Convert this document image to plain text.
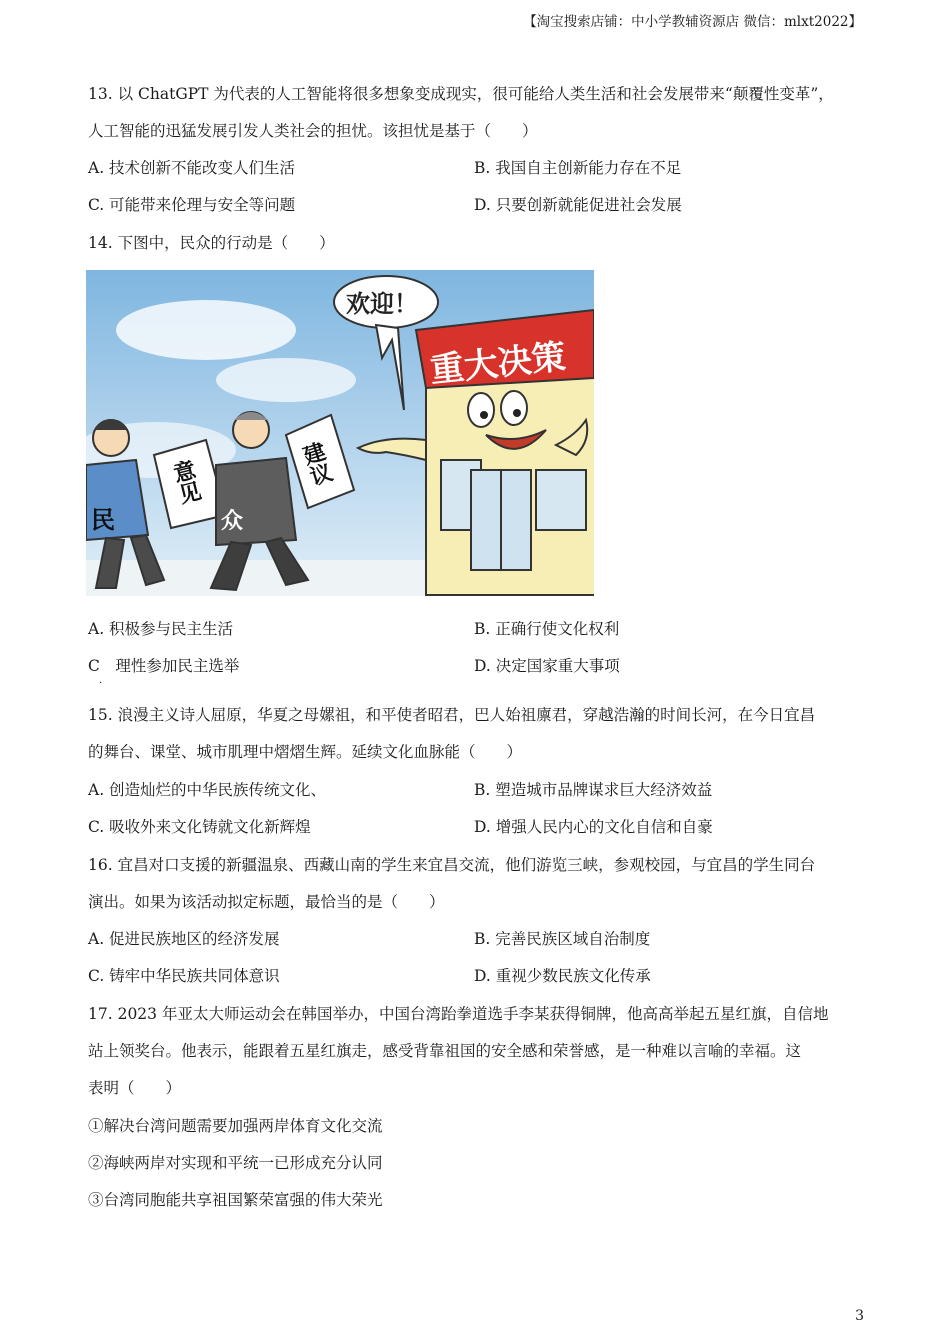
【淘宝搜索店铺：中小学教辅资源店 微信：mlxt2022】
13. 以 ChatGPT 为代表的人工智能将很多想象变成现实，很可能给人类生活和社会发展带来“颠覆性变革”，
人工智能的迅猛发展引发人类社会的担忧。该担忧是基于（　　）
A. 技术创新不能改变人们生活	B. 我国自主创新能力存在不足
C. 可能带来伦理与安全等问题	D. 只要创新就能促进社会发展
14. 下图中，民众的行动是（　　）
重大决策
欢迎！
民
意见
众
建议
A. 积极参与民主生活	B. 正确行使文化权利
C　理性参加民主选举
·
D. 决定国家重大事项
15. 浪漫主义诗人屈原，华夏之母嫘祖，和平使者昭君，巴人始祖廪君，穿越浩瀚的时间长河，在今日宜昌
的舞台、课堂、城市肌理中熠熠生辉。延续文化血脉能（　　）
A. 创造灿烂的中华民族传统文化、	B. 塑造城市品牌谋求巨大经济效益
C. 吸收外来文化铸就文化新辉煌	D. 增强人民内心的文化自信和自豪
16. 宜昌对口支援的新疆温泉、西藏山南的学生来宜昌交流，他们游览三峡，参观校园，与宜昌的学生同台
演出。如果为该活动拟定标题，最恰当的是（　　）
A. 促进民族地区的经济发展	B. 完善民族区域自治制度
C. 铸牢中华民族共同体意识	D. 重视少数民族文化传承
17. 2023 年亚太大师运动会在韩国举办，中国台湾跆拳道选手李某获得铜牌，他高高举起五星红旗，自信地
站上领奖台。他表示，能跟着五星红旗走，感受背靠祖国的安全感和荣誉感，是一种难以言喻的幸福。这
表明（　　）
①解决台湾问题需要加强两岸体育文化交流
②海峡两岸对实现和平统一已形成充分认同
③台湾同胞能共享祖国繁荣富强的伟大荣光
3
